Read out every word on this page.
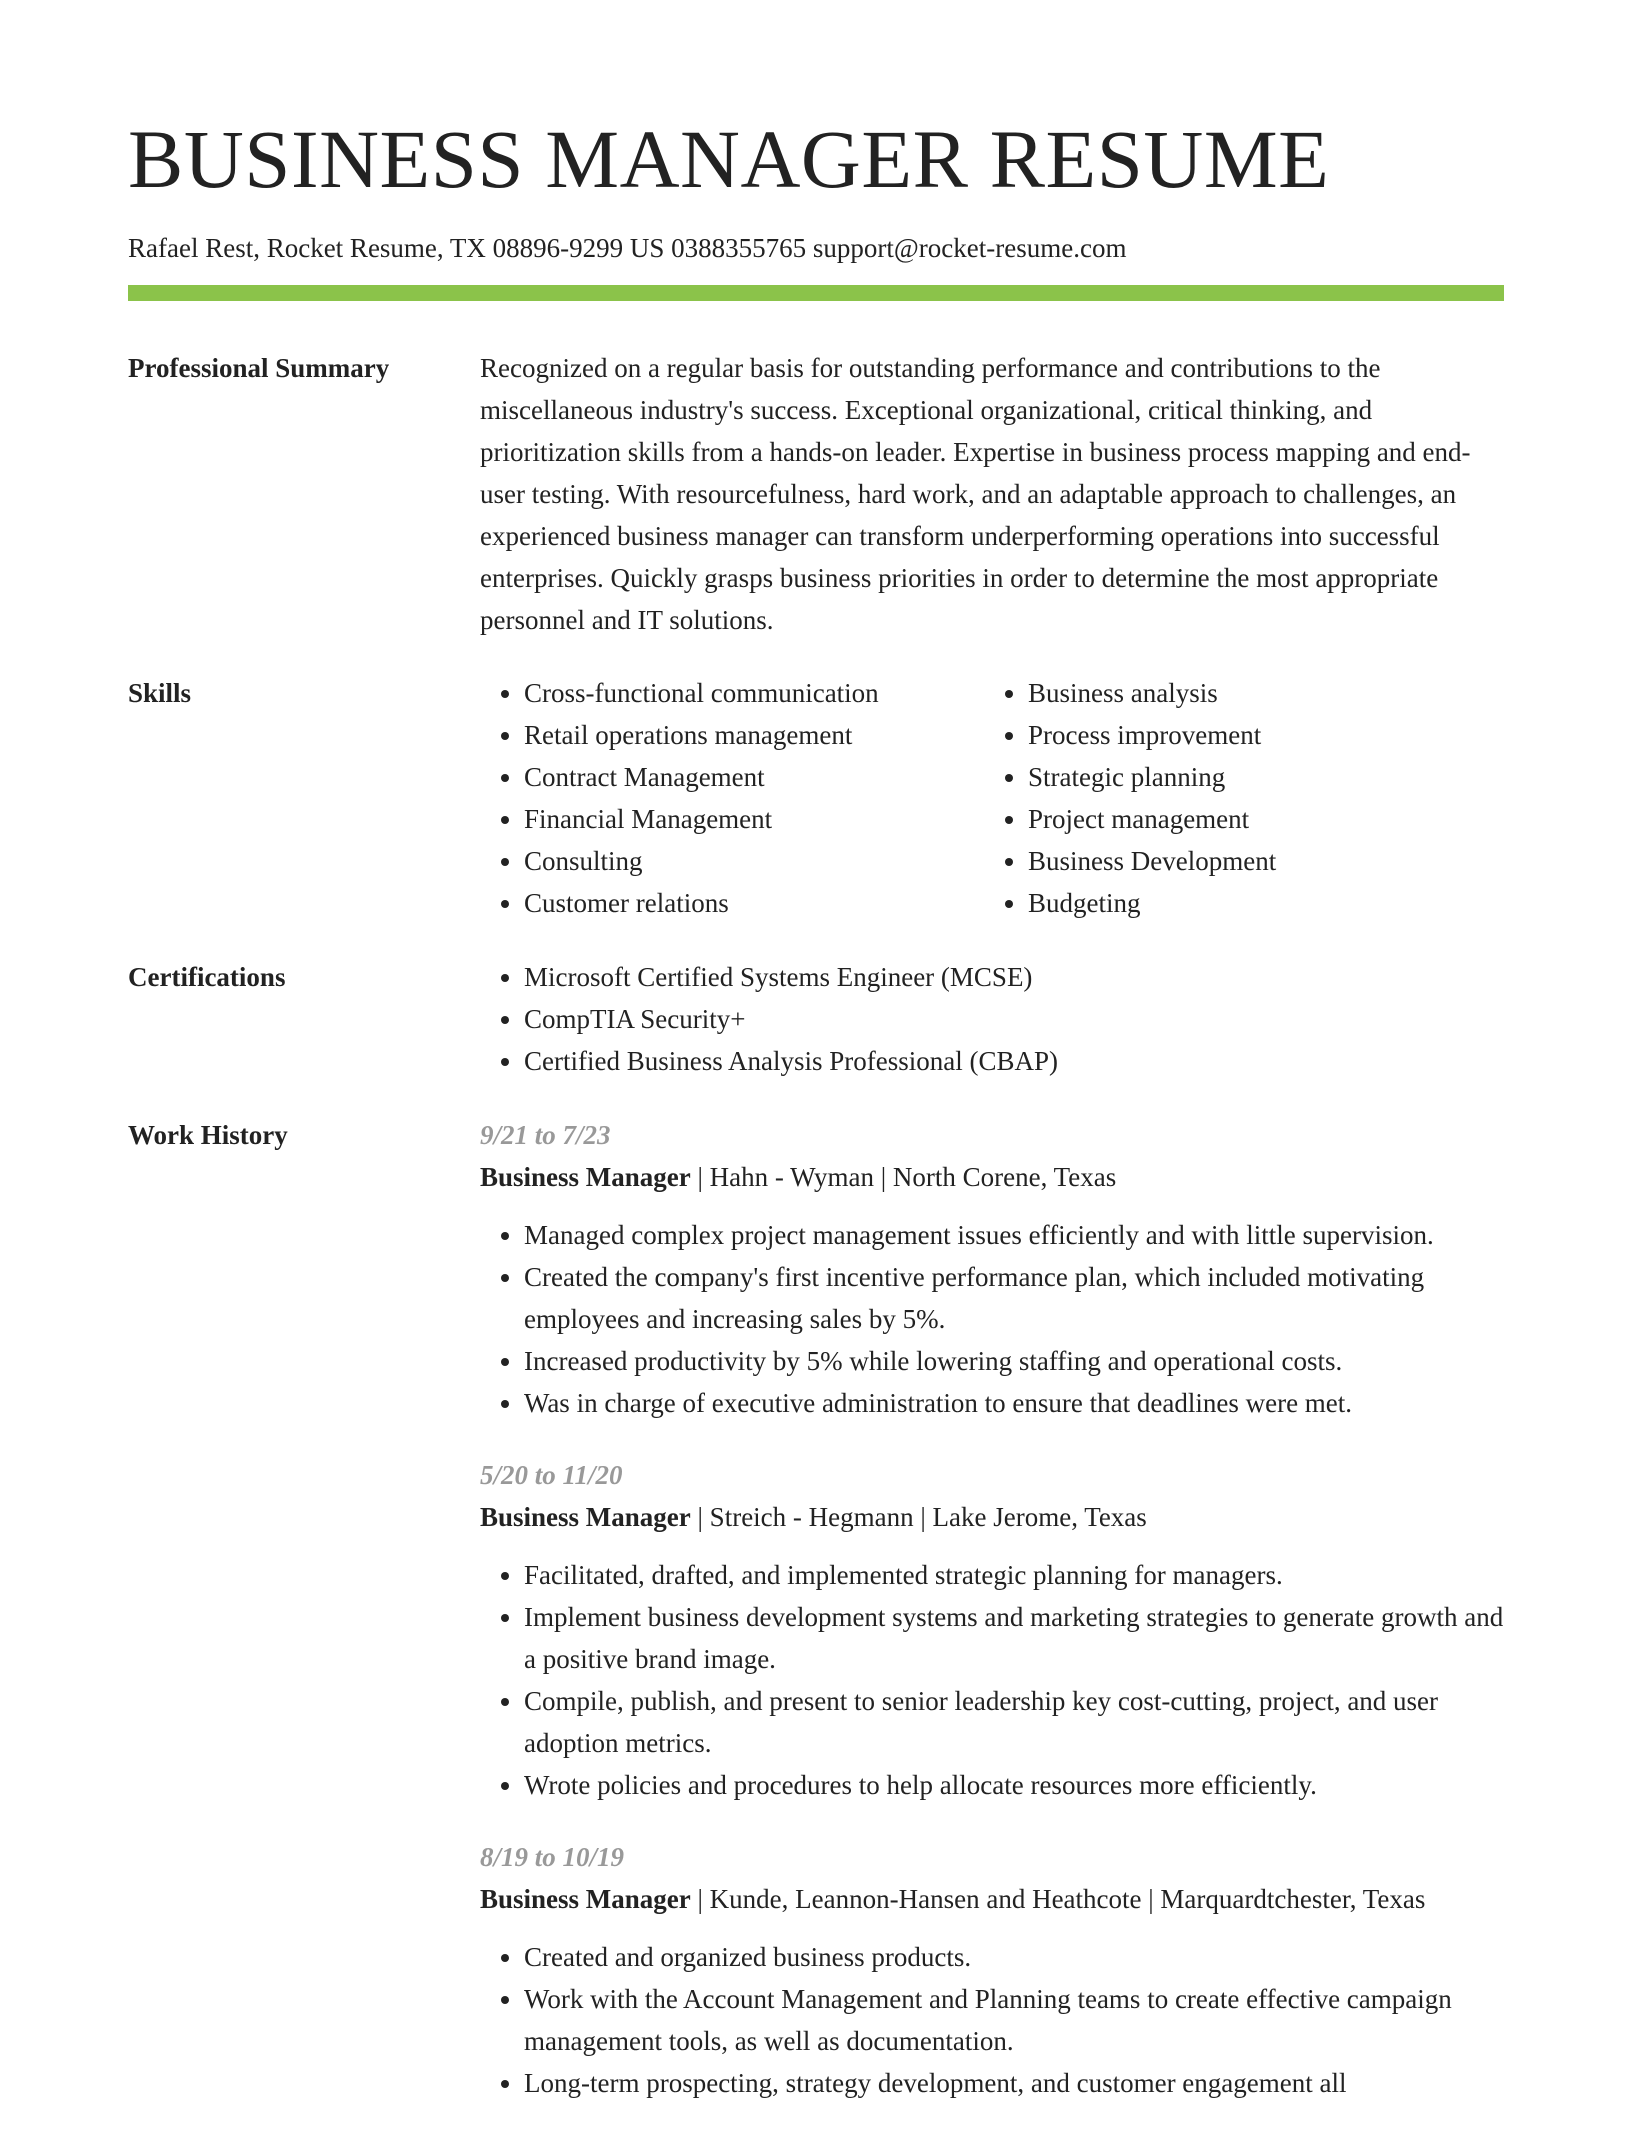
BUSINESS MANAGER RESUME
Rafael Rest, Rocket Resume, TX 08896-9299 US 0388355765 support@rocket-resume.com
Professional Summary	Recognized on a regular basis for outstanding performance and contributions to the miscellaneous industry's success. Exceptional organizational, critical thinking, and prioritization skills from a hands-on leader. Expertise in business process mapping and end-user testing. With resourcefulness, hard work, and an adaptable approach to challenges, an experienced business manager can transform underperforming operations into successful enterprises. Quickly grasps business priorities in order to determine the most appropriate personnel and IT solutions.

Skills	• Cross-functional communication
• Retail operations management
• Contract Management
• Financial Management
• Consulting
• Customer relations
• Business analysis
• Process improvement
• Strategic planning
• Project management
• Business Development
• Budgeting
Certifications	• Microsoft Certified Systems Engineer (MCSE)
• CompTIA Security+
• Certified Business Analysis Professional (CBAP)
Work History	9/21 to 7/23
Business Manager | Hahn - Wyman | North Corene, Texas
• Managed complex project management issues efficiently and with little supervision.
• Created the company's first incentive performance plan, which included motivating employees and increasing sales by 5%.
• Increased productivity by 5% while lowering staffing and operational costs.
• Was in charge of executive administration to ensure that deadlines were met.
5/20 to 11/20
Business Manager | Streich - Hegmann | Lake Jerome, Texas
• Facilitated, drafted, and implemented strategic planning for managers.
• Implement business development systems and marketing strategies to generate growth and a positive brand image.
• Compile, publish, and present to senior leadership key cost-cutting, project, and user adoption metrics.
• Wrote policies and procedures to help allocate resources more efficiently.
8/19 to 10/19
Business Manager | Kunde, Leannon-Hansen and Heathcote | Marquardtchester, Texas
• Created and organized business products.
• Work with the Account Management and Planning teams to create effective campaign management tools, as well as documentation.
• Long-term prospecting, strategy development, and customer engagement all
